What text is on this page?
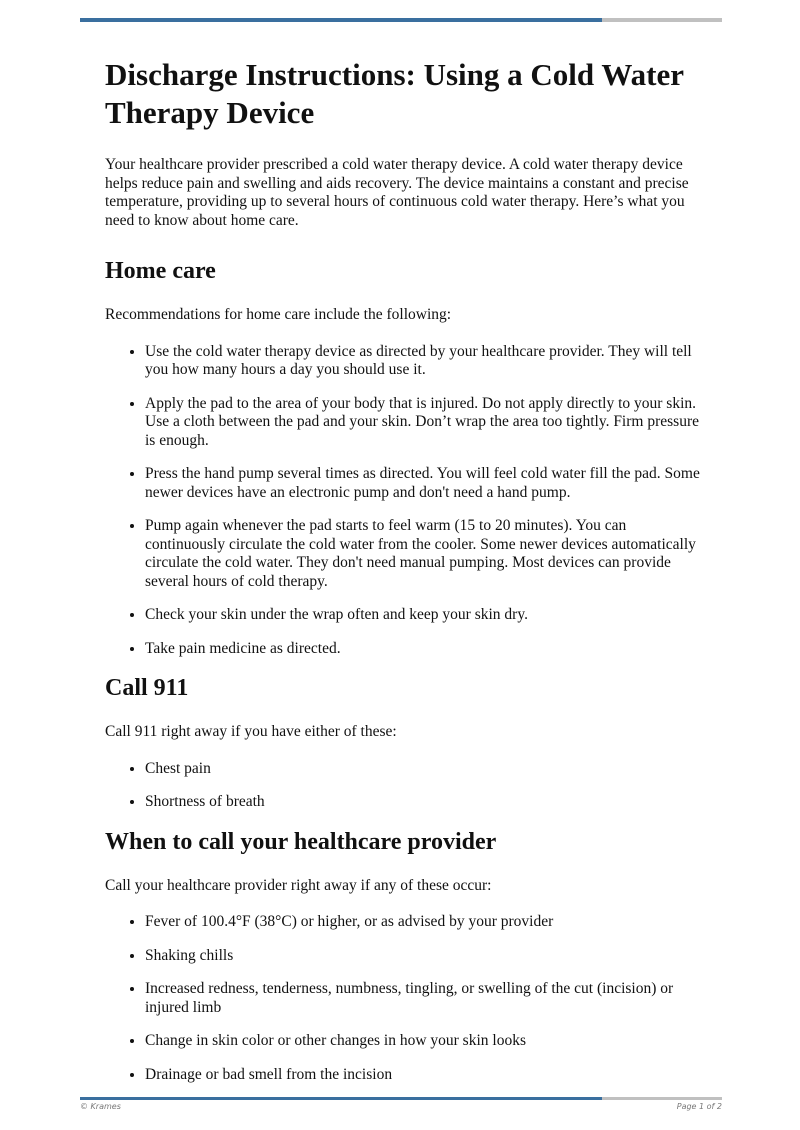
Discharge Instructions: Using a Cold Water Therapy Device

Your healthcare provider prescribed a cold water therapy device. A cold water therapy device helps reduce pain and swelling and aids recovery. The device maintains a constant and precise temperature, providing up to several hours of continuous cold water therapy. Here’s what you need to know about home care.

Home care

Recommendations for home care include the following:

• Use the cold water therapy device as directed by your healthcare provider. They will tell you how many hours a day you should use it.
• Apply the pad to the area of your body that is injured. Do not apply directly to your skin. Use a cloth between the pad and your skin. Don’t wrap the area too tightly. Firm pressure is enough.
• Press the hand pump several times as directed. You will feel cold water fill the pad. Some newer devices have an electronic pump and don't need a hand pump.
• Pump again whenever the pad starts to feel warm (15 to 20 minutes). You can continuously circulate the cold water from the cooler. Some newer devices automatically circulate the cold water. They don't need manual pumping. Most devices can provide several hours of cold therapy.
• Check your skin under the wrap often and keep your skin dry.
• Take pain medicine as directed.
Call 911

Call 911 right away if you have either of these:

• Chest pain
• Shortness of breath
When to call your healthcare provider

Call your healthcare provider right away if any of these occur:

• Fever of 100.4°F (38°C) or higher, or as advised by your provider
• Shaking chills
• Increased redness, tenderness, numbness, tingling, or swelling of the cut (incision) or injured limb
• Change in skin color or other changes in how your skin looks
• Drainage or bad smell from the incision
© Krames	Page 1 of 2
